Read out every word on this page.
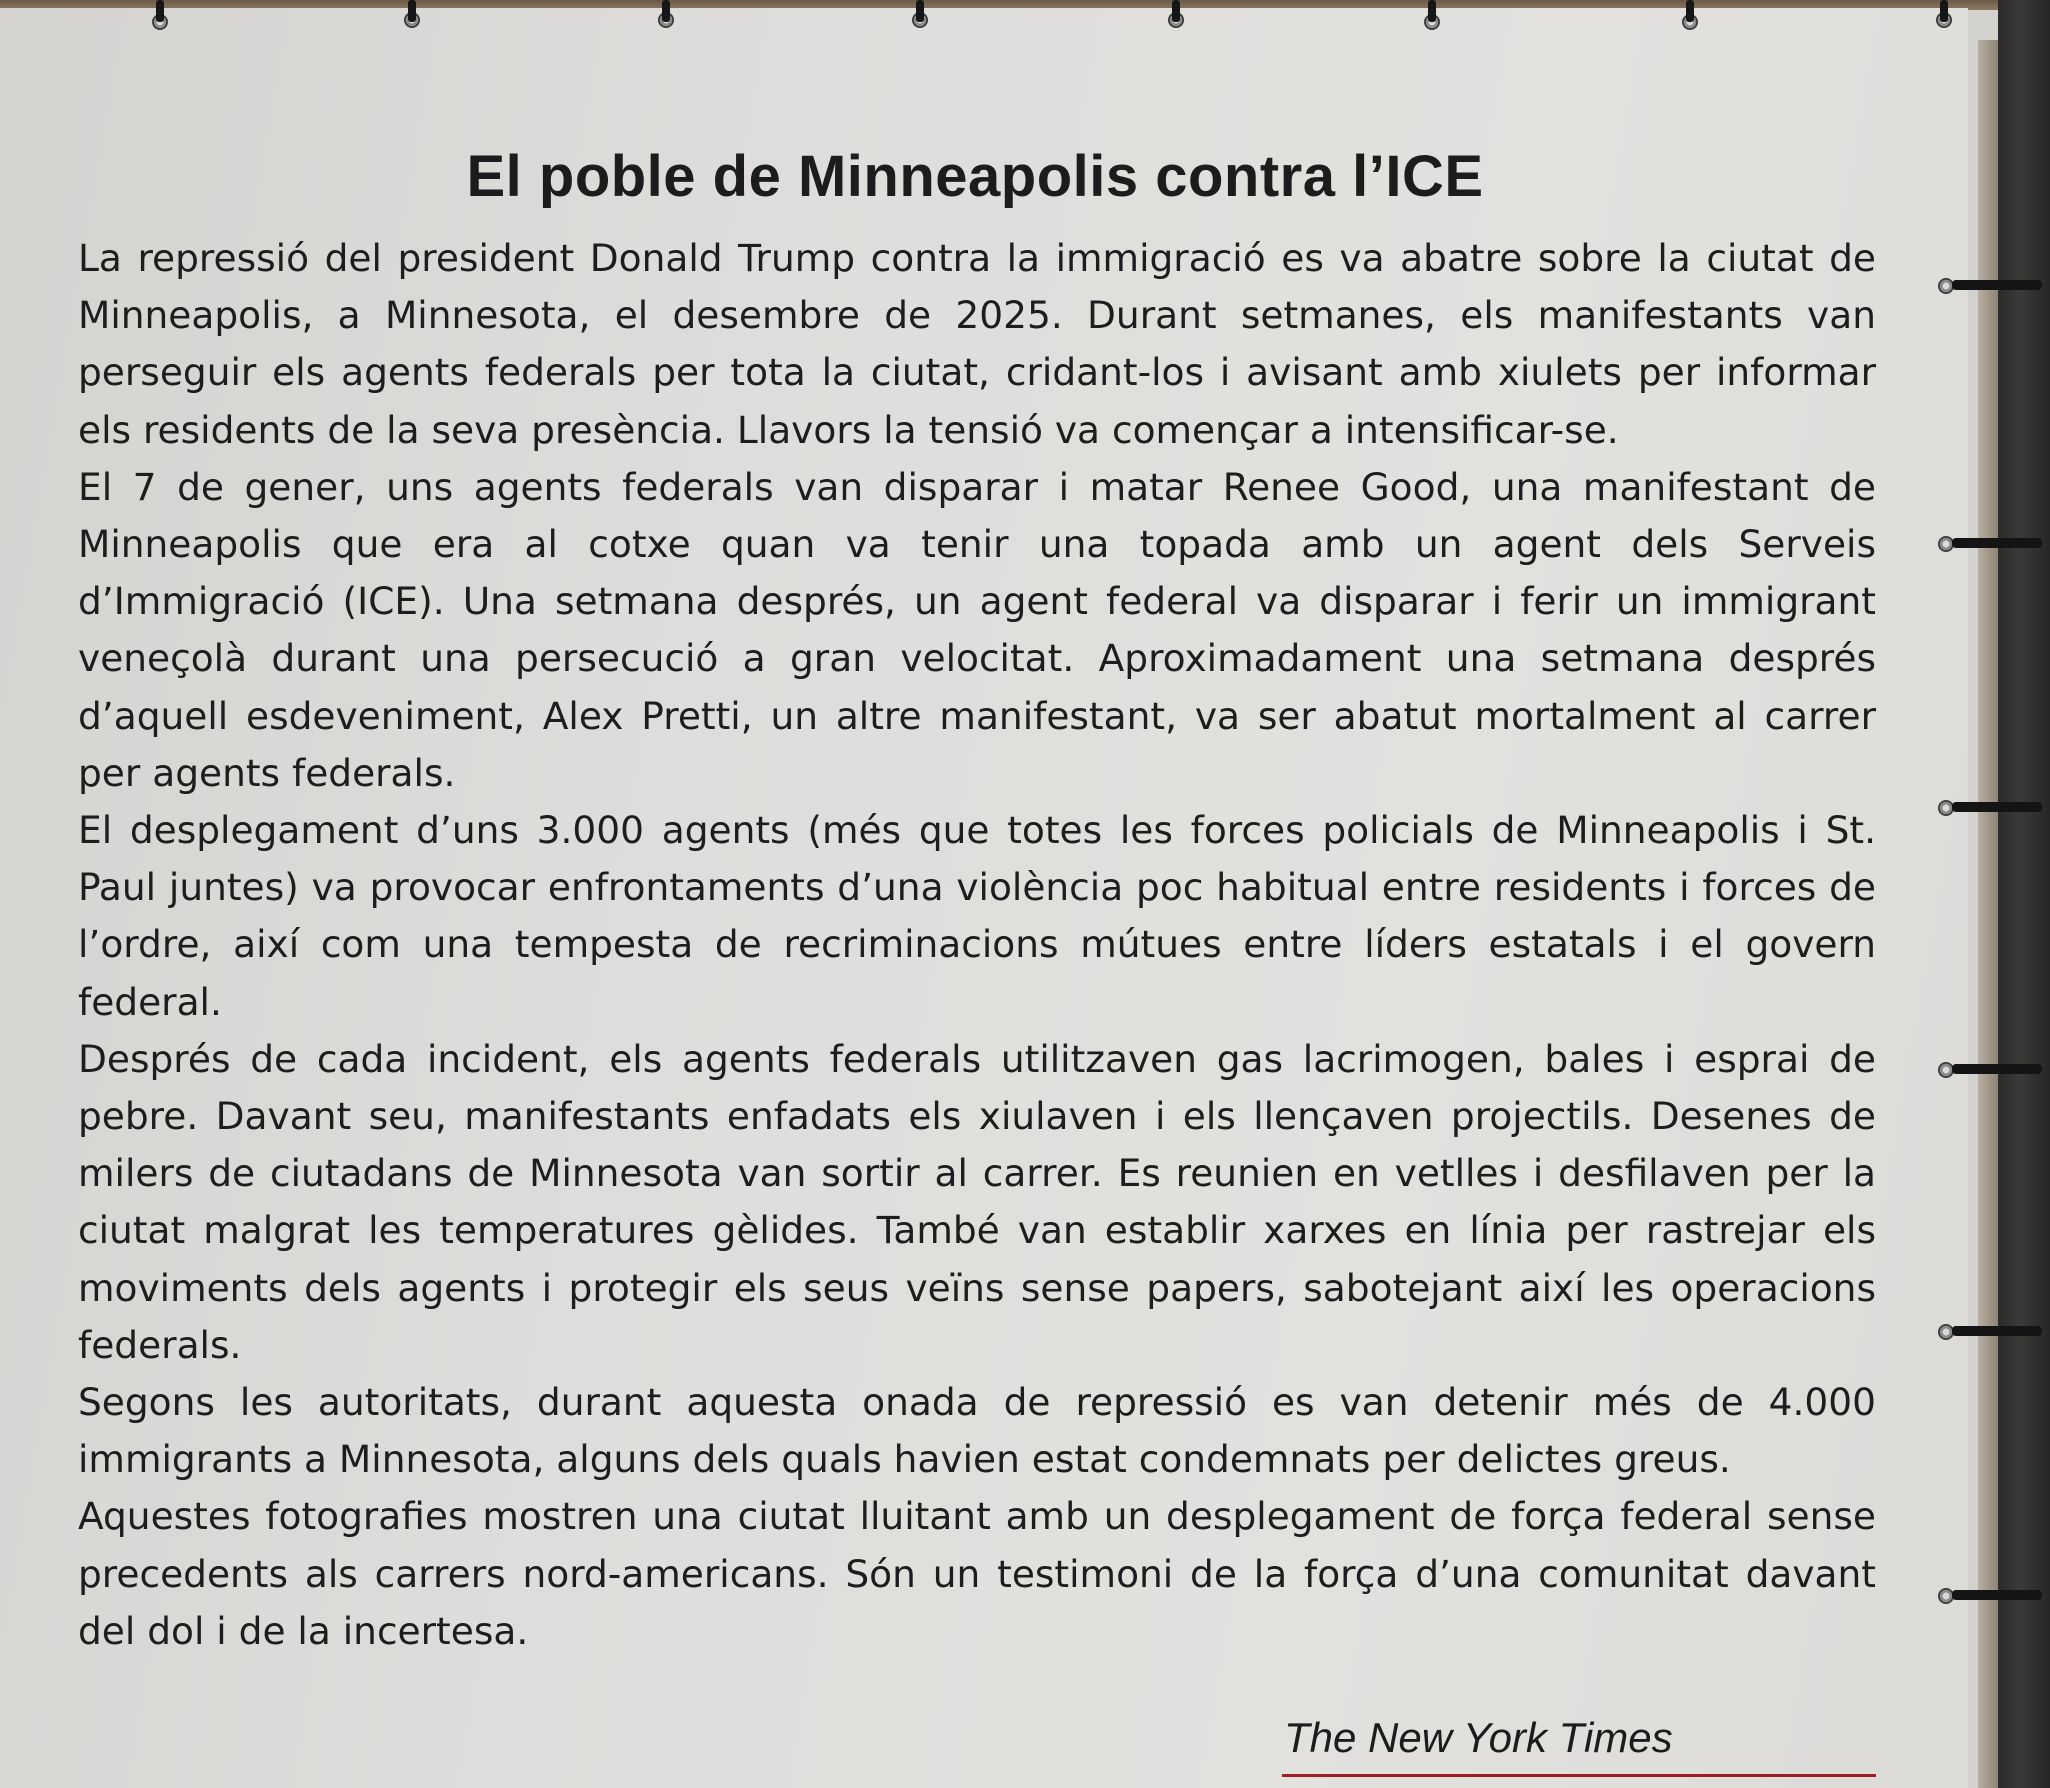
El poble de Minneapolis contra l’ICE

La repressió del president Donald Trump contra la immigració es va abatre sobre la ciutat de Minneapolis, a Minnesota, el desembre de 2025. Durant setmanes, els manifestants van perseguir els agents federals per tota la ciutat, cridant-los i avisant amb xiulets per informar els residents de la seva presència. Llavors la tensió va començar a intensificar-se.

El 7 de gener, uns agents federals van disparar i matar Renee Good, una manifestant de Minneapolis que era al cotxe quan va tenir una topada amb un agent dels Serveis d’Immigració (ICE). Una setmana després, un agent federal va disparar i ferir un immigrant veneçolà durant una persecució a gran velocitat. Aproximadament una setmana després d’aquell esdeveniment, Alex Pretti, un altre manifestant, va ser abatut mortalment al carrer per agents federals.

El desplegament d’uns 3.000 agents (més que totes les forces policials de Minneapolis i St. Paul juntes) va provocar enfrontaments d’una violència poc habitual entre residents i forces de l’ordre, així com una tempesta de recriminacions mútues entre líders estatals i el govern federal.

Després de cada incident, els agents federals utilitzaven gas lacrimogen, bales i esprai de pebre. Davant seu, manifestants enfadats els xiulaven i els llençaven projectils. Desenes de milers de ciutadans de Minnesota van sortir al carrer. Es reunien en vetlles i desfilaven per la ciutat malgrat les temperatures gèlides. També van establir xarxes en línia per rastrejar els moviments dels agents i protegir els seus veïns sense papers, sabotejant així les operacions federals.

Segons les autoritats, durant aquesta onada de repressió es van detenir més de 4.000 immigrants a Minnesota, alguns dels quals havien estat condemnats per delictes greus.

Aquestes fotografies mostren una ciutat lluitant amb un desplegament de força federal sense precedents als carrers nord-americans. Són un testimoni de la força d’una comunitat davant del dol i de la incertesa.

The New York Times
